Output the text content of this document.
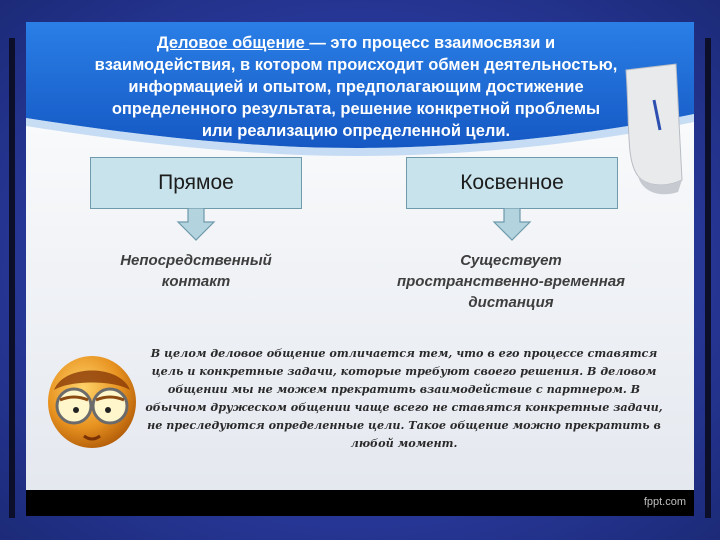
Деловое общение — это процесс взаимосвязи и
взаимодействия, в котором происходит обмен деятельностью,
информацией и опытом, предполагающим достижение
определенного результата, решение конкретной проблемы
или реализацию определенной цели.
Прямое	Косвенное
Непосредственный
контакт
Существует
пространственно-временная
дистанция
В целом деловое общение отличается тем, что в его процессе ставятся
цель и конкретные задачи, которые требуют своего решения. В деловом
общении мы не можем прекратить взаимодействие с партнером. В
обычном дружеском общении чаще всего не ставятся конкретные задачи,
не преследуются определенные цели. Такое общение можно прекратить в
любой момент.
fppt.com
